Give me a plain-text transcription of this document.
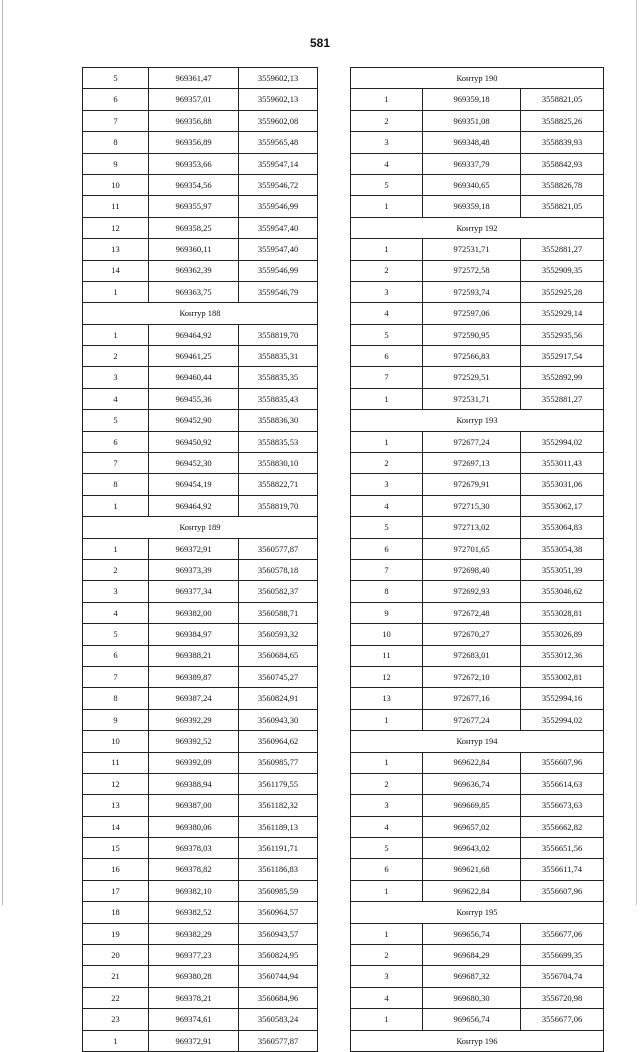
581
5	969361,47	3559602,13
6	969357,01	3559602,13
7	969356,88	3559602,08
8	969356,89	3559565,48
9	969353,66	3559547,14
10	969354,56	3559546,72
11	969355,97	3559546,99
12	969358,25	3559547,40
13	969360,11	3559547,40
14	969362,39	3559546,99
1	969363,75	3559546,79
Контур 188		
1	969464,92	3558819,70
2	969461,25	3558835,31
3	969460,44	3558835,35
4	969455,36	3558835,43
5	969452,90	3558836,30
6	969450,92	3558835,53
7	969452,30	3558830,10
8	969454,19	3558822,71
1	969464,92	3558819,70
Контур 189		
1	969372,91	3560577,87
2	969373,39	3560578,18
3	969377,34	3560582,37
4	969382,00	3560588,71
5	969384,97	3560593,32
6	969388,21	3560684,65
7	969389,87	3560745,27
8	969387,24	3560824,91
9	969392,29	3560943,30
10	969392,52	3560964,62
11	969392,09	3560985,77
12	969388,94	3561179,55
13	969387,00	3561182,32
14	969380,06	3561189,13
15	969378,03	3561191,71
16	969378,82	3561186,83
17	969382,10	3560985,59
18	969382,52	3560964,57
19	969382,29	3560943,57
20	969377,23	3560824,95
21	969380,28	3560744,94
22	969378,21	3560684,96
23	969374,61	3560583,24
1	969372,91	3560577,87
Контур 190		
1	969359,18	3558821,05
2	969351,08	3558825,26
3	969348,48	3558839,93
4	969337,79	3558842,93
5	969340,65	3558826,78
1	969359,18	3558821,05
Контур 192		
1	972531,71	3552881,27
2	972572,58	3552909,35
3	972593,74	3552925,28
4	972597,06	3552929,14
5	972590,95	3552935,56
6	972566,83	3552917,54
7	972529,51	3552892,99
1	972531,71	3552881,27
Контур 193		
1	972677,24	3552994,02
2	972697,13	3553011,43
3	972679,91	3553031,06
4	972715,30	3553062,17
5	972713,02	3553064,83
6	972701,65	3553054,38
7	972698,40	3553051,39
8	972692,93	3553046,62
9	972672,48	3553028,81
10	972670,27	3553026,89
11	972683,01	3553012,36
12	972672,10	3553002,81
13	972677,16	3552994,16
1	972677,24	3552994,02
Контур 194		
1	969622,84	3556607,96
2	969636,74	3556614,63
3	969669,85	3556673,63
4	969657,02	3556662,82
5	969643,02	3556651,56
6	969621,68	3556611,74
1	969622,84	3556607,96
Контур 195		
1	969656,74	3556677,06
2	969684,29	3556699,35
3	969687,32	3556704,74
4	969680,30	3556720,98
1	969656,74	3556677,06
Контур 196		
